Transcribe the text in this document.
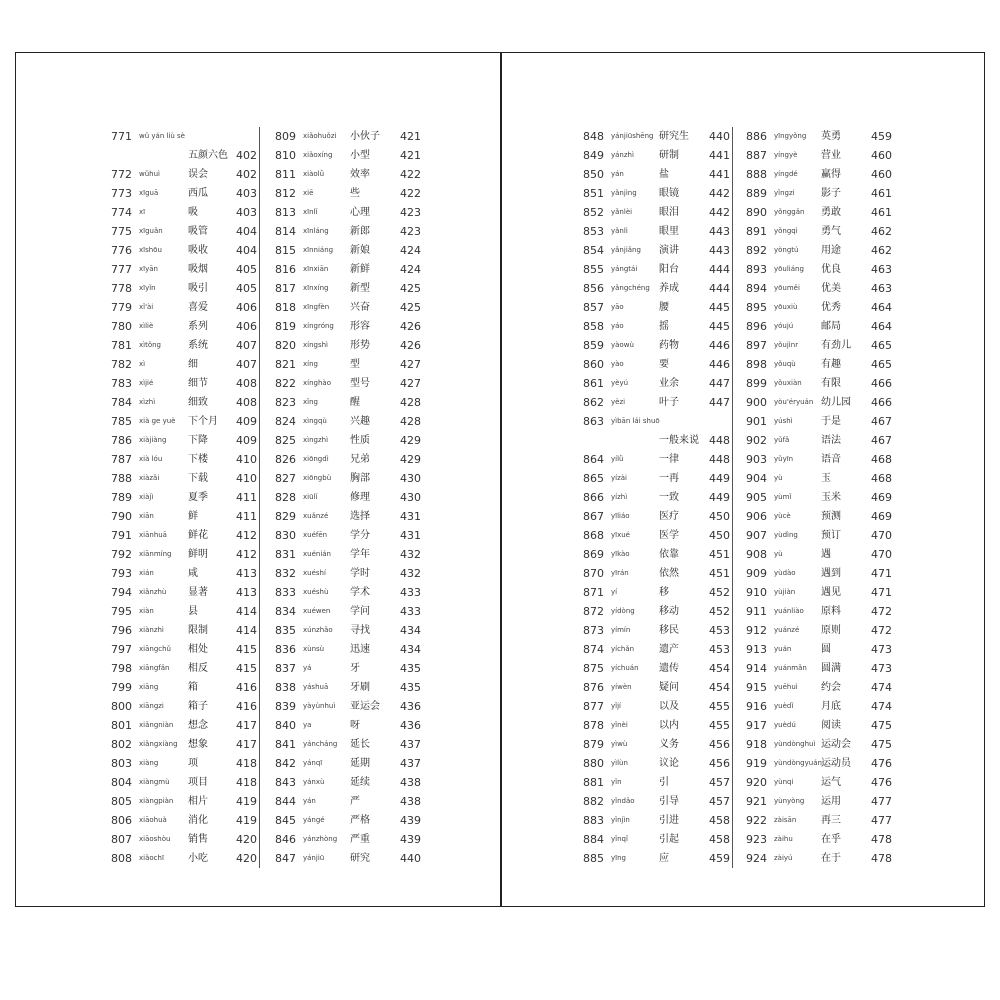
771	wǔ yán liù sè
五颜六色 402
772	wǔhuì	误会	402
773	xīguā	西瓜	403
774	xī	吸	403
775	xīguǎn	吸管	404
776	xīshōu	吸收	404
777	xīyān	吸烟	405
778	xīyǐn	吸引	405
779	xǐ'ài	喜爱	406
780	xìliè	系列	406
781	xìtǒng	系统	407
782	xì	细	407
783	xìjié	细节	408
784	xìzhì	细致	408
785	xià ge yuè 下个月 409
786	xiàjiàng 下降	409
787	xià lóu	下楼	410
788	xiàzǎi	下载	410
789	xiàjì	夏季	411
790	xiān	鲜	411
791	xiānhuā 鲜花	412
792	xiānmíng 鲜明	412
793	xián	咸	413
794	xiǎnzhù 显著	413
795	xiàn	县	414
796	xiànzhì 限制	414
797	xiāngchǔ 相处	415
798	xiāngfǎn 相反	415
799	xiāng	箱	416
800	xiāngzi 箱子	416
801	xiǎngniàn 想念	417
802	xiǎngxiàng 想象	417
803	xiàng	项	418
804	xiàngmù 项目	418
805	xiàngpiàn 相片	419
806	xiāohuà 消化	419
807	xiāoshòu 销售	420
808	xiǎochī 小吃	420
809	xiǎohuǒzi 小伙子 421
810	xiǎoxíng 小型	421
811	xiàolǜ	效率	422
812	xiē	些	422
813	xīnlǐ	心理	423
814	xīnláng 新郎	423
815	xīnniáng 新娘	424
816	xīnxiān 新鲜	424
817	xīnxíng 新型	425
818	xīngfèn 兴奋	425
819	xíngróng 形容	426
820	xíngshì 形势	426
821	xíng	型	427
822	xínghào 型号	427
823	xǐng	醒	428
824	xìngqù 兴趣	428
825	xìngzhì 性质	429
826	xiōngdì 兄弟	429
827	xiōngbù 胸部	430
828	xiūlǐ	修理	430
829	xuǎnzé 选择	431
830	xuéfēn 学分	431
831	xuénián 学年	432
832	xuéshí 学时	432
833	xuéshù 学术	433
834	xuéwen 学问	433
835	xúnzhǎo 寻找	434
836	xùnsù	迅速	434
837	yá	牙	435
838	yáshuā 牙刷	435
839	yàyùnhuì 亚运会 436
840	ya	呀	436
841	yáncháng 延长	437
842	yánqī	延期	437
843	yánxù	延续	438
844	yán	严	438
845	yángé	严格	439
846	yánzhòng 严重	439
847	yánjiū	研究	440
848	yánjiūshēng 研究生 440
849	yánzhì	研制	441
850	yán	盐	441
851	yǎnjìng 眼镜	442
852	yǎnlèi	眼泪	442
853	yǎnlì	眼里	443
854	yǎnjiǎng 演讲	443
855	yángtái 阳台	444
856	yǎngchéng 养成	444
857	yāo	腰	445
858	yáo	摇	445
859	yàowù	药物	446
860	yào	要	446
861	yèyú	业余	447
862	yèzi	叶子	447
863	yìbān lái shuō
一般来说 448
864	yílǜ	一律	448
865	yízài	一再	449
866	yízhì	一致	449
867	yīliáo	医疗	450
868	yīxué	医学	450
869	yīkào	依靠	451
870	yīrán	依然	451
871	yí	移	452
872	yídòng 移动	452
873	yímín	移民	453
874	yíchǎn 遗产	453
875	yíchuán 遗传	454
876	yíwèn	疑问	454
877	yǐjí	以及	455
878	yǐnèi	以内	455
879	yìwù	义务	456
880	yìlùn	议论	456
881	yǐn	引	457
882	yǐndǎo 引导	457
883	yǐnjìn	引进	458
884	yǐnqǐ	引起	458
885	yīng	应	459
886	yīngyǒng 英勇	459
887	yíngyè 营业	460
888	yíngdé 赢得	460
889	yǐngzi	影子	461
890	yǒnggǎn 勇敢	461
891	yǒngqì 勇气	462
892	yòngtú 用途	462
893	yōuliáng 优良	463
894	yōuměi 优美	463
895	yōuxiù 优秀	464
896	yóujú	邮局	464
897	yǒujìnr 有劲儿 465
898	yǒuqù	有趣	465
899	yǒuxiàn 有限	466
900	yòu'éryuán 幼儿园 466
901	yúshì	于是	467
902	yǔfǎ	语法	467
903	yǔyīn	语音	468
904	yù	玉	468
905	yùmǐ	玉米	469
906	yùcè	预测	469
907	yùdìng 预订	470
908	yù	遇	470
909	yùdào	遇到	471
910	yùjiàn	遇见	471
911	yuánliào 原料	472
912	yuánzé 原则	472
913	yuán	圆	473
914	yuánmǎn 圆满	473
915	yuēhuì 约会	474
916	yuèdǐ	月底	474
917	yuèdú	阅读	475
918	yùndònghuì 运动会 475
919	yùndòngyuán 运动员 476
920	yùnqi	运气	476
921	yùnyòng 运用	477
922	zàisān 再三	477
923	zàihu	在乎	478
924	zàiyú	在于	478
